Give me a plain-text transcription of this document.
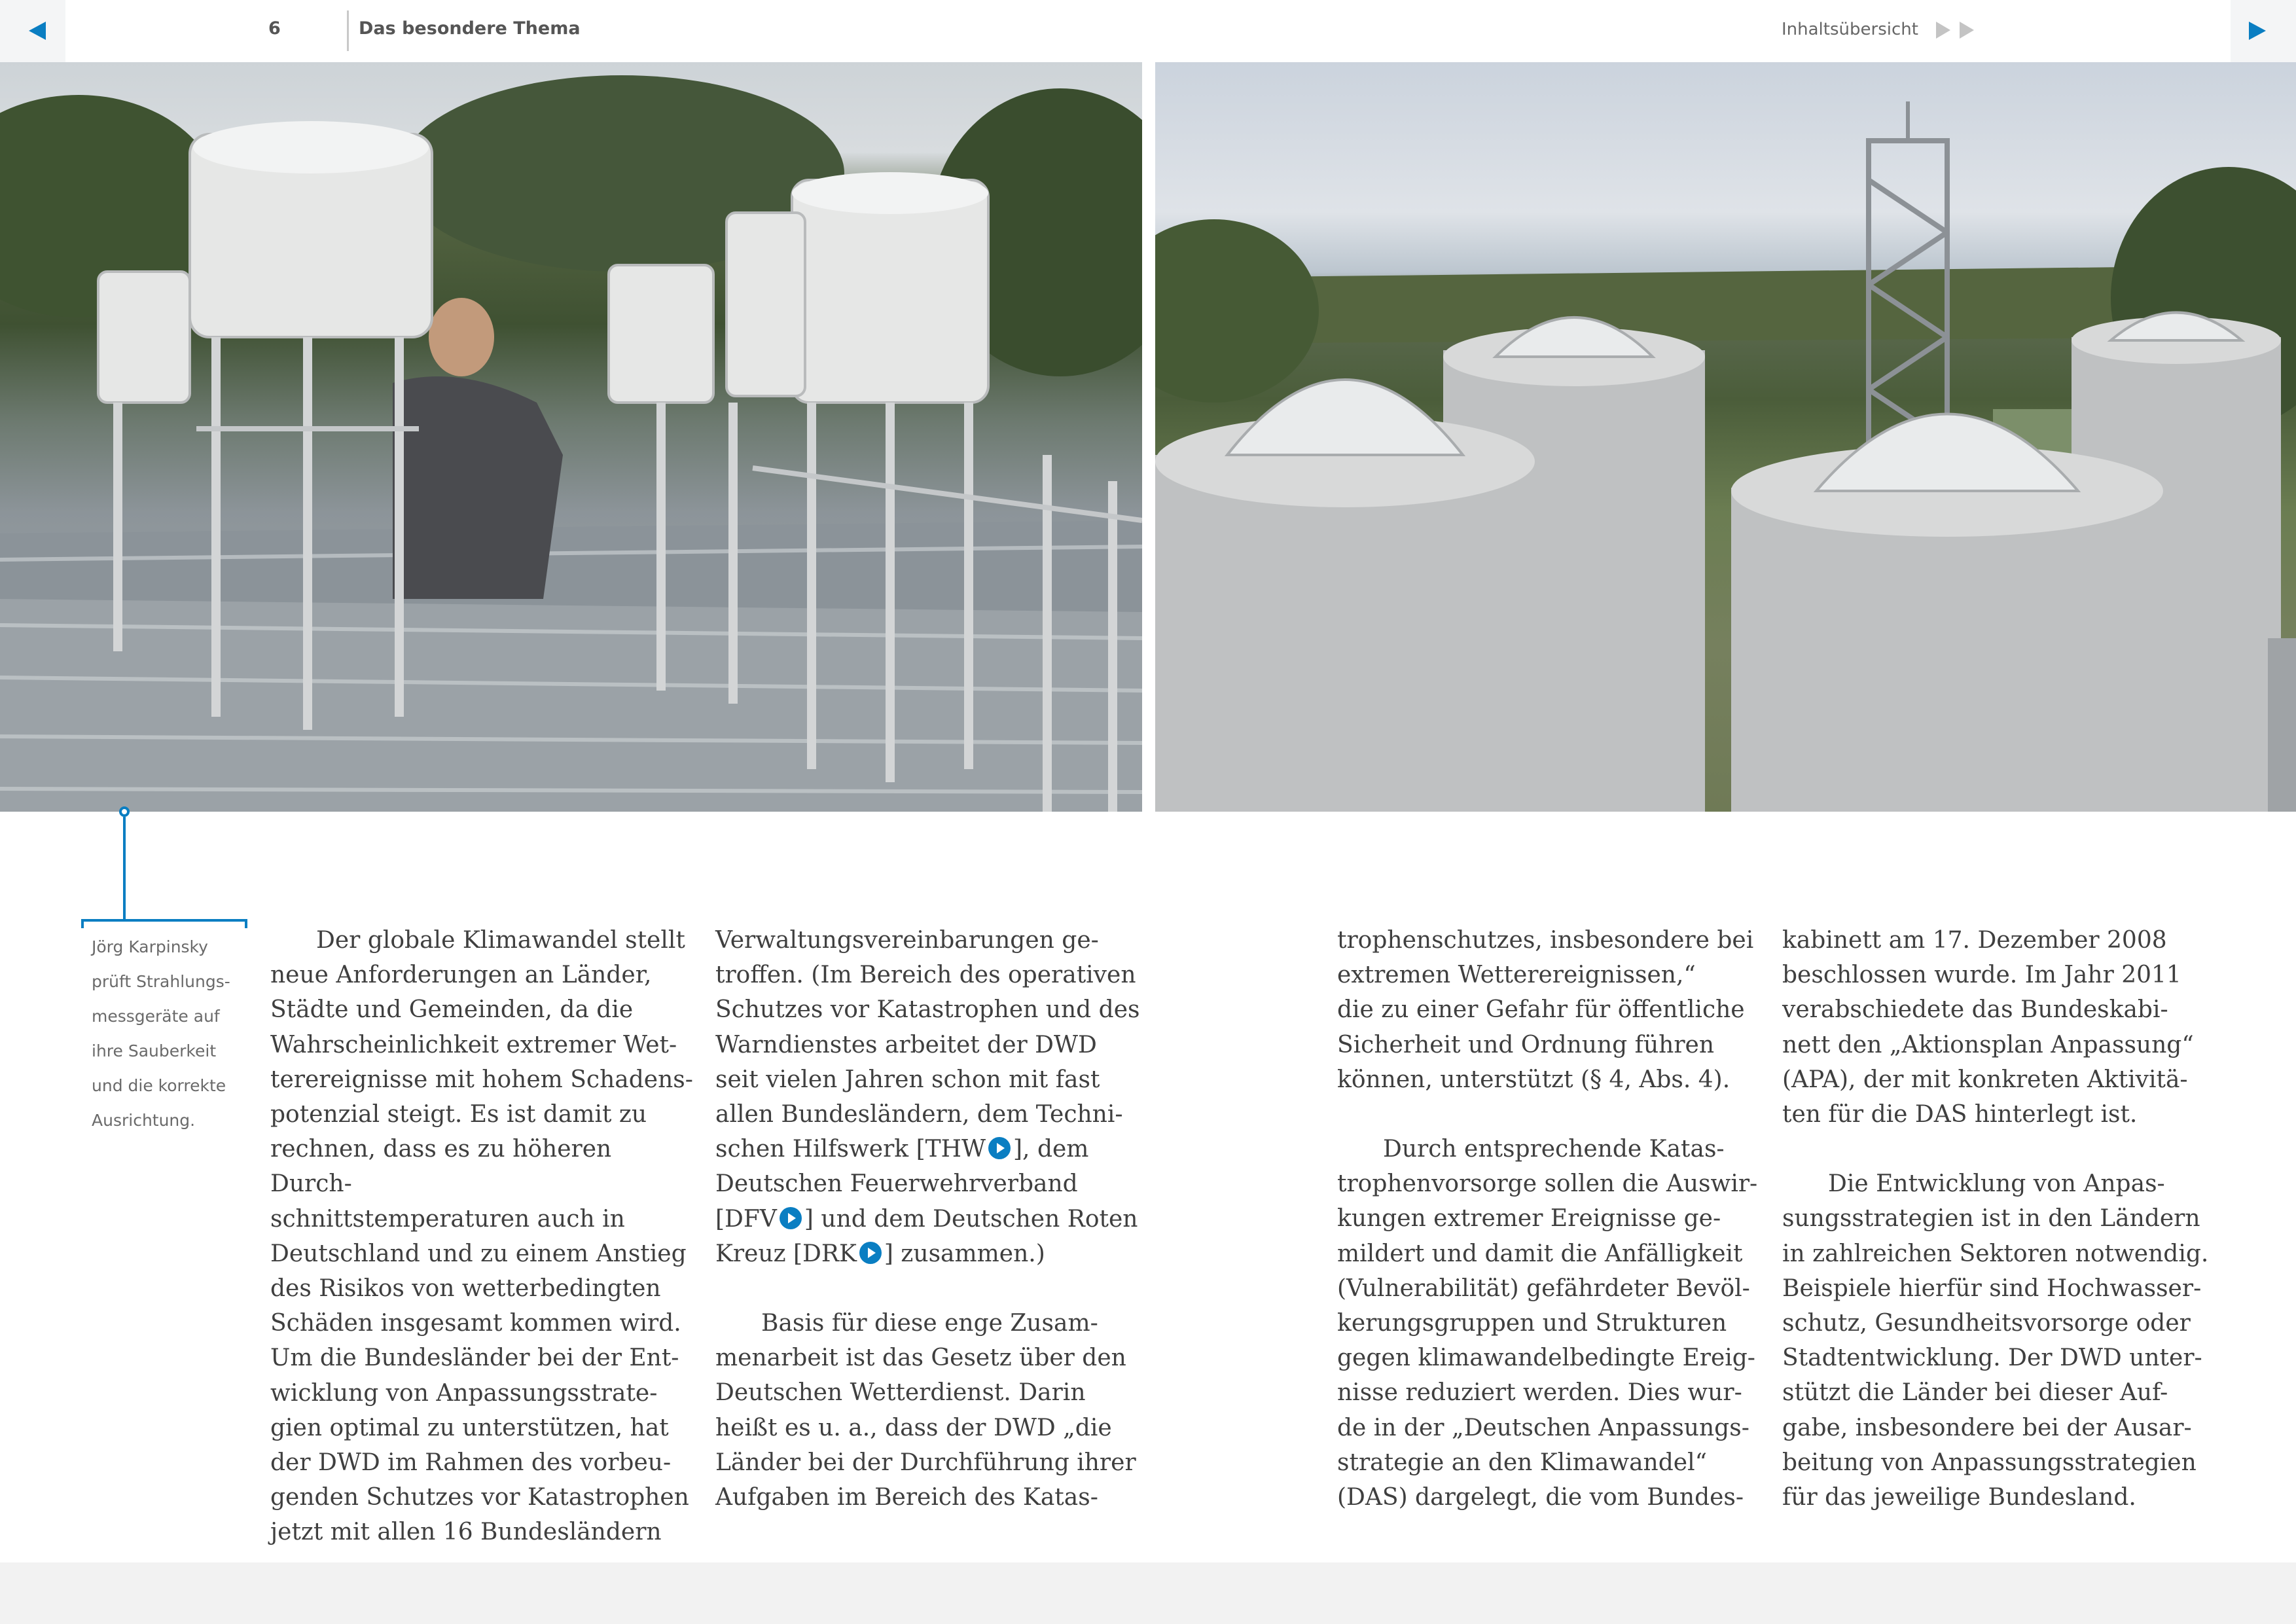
6	Das besondere Thema	Inhaltsübersicht
Jörg Karpinsky
prüft Strahlungs-
messgeräte auf
ihre Sauberkeit
und die korrekte
Ausrichtung.

Der globale Klimawandel stellt

neue Anforderungen an Länder,

Städte und Gemeinden, da die

Wahrscheinlichkeit extremer Wet-

terereignisse mit hohem Schadens-

potenzial steigt. Es ist damit zu

rechnen, dass es zu höheren Durch-

schnittstemperaturen auch in

Deutschland und zu einem Anstieg

des Risikos von wetterbedingten

Schäden insgesamt kommen wird.

Um die Bundesländer bei der Ent-

wicklung von Anpassungsstrate-

gien optimal zu unterstützen, hat

der DWD im Rahmen des vorbeu-

genden Schutzes vor Katastrophen

jetzt mit allen 16 Bundesländern

Verwaltungsvereinbarungen ge-

troffen. (Im Bereich des operativen

Schutzes vor Katastrophen und des

Warndienstes arbeitet der DWD

seit vielen Jahren schon mit fast

allen Bundesländern, dem Techni-

schen Hilfswerk [THW ], dem

Deutschen Feuerwehrverband

[DFV ] und dem Deutschen Roten

Kreuz [DRK ] zusammen.)

Basis für diese enge Zusam-

menarbeit ist das Gesetz über den

Deutschen Wetterdienst. Darin

heißt es u. a., dass der DWD „die

Länder bei der Durchführung ihrer

Aufgaben im Bereich des Katas-

trophenschutzes, insbesondere bei

extremen Wetterereignissen,“

die zu einer Gefahr für öffentliche

Sicherheit und Ordnung führen

können, unterstützt (§ 4, Abs. 4).

Durch entsprechende Katas-

trophenvorsorge sollen die Auswir-

kungen extremer Ereignisse ge-

mildert und damit die Anfälligkeit

(Vulnerabilität) gefährdeter Bevöl-

kerungsgruppen und Strukturen

gegen klimawandelbedingte Ereig-

nisse reduziert werden. Dies wur-

de in der „Deutschen Anpassungs-

strategie an den Klimawandel“

(DAS) dargelegt, die vom Bundes-

kabinett am 17. Dezember 2008

beschlossen wurde. Im Jahr 2011

verabschiedete das Bundeskabi-

nett den „Aktionsplan Anpassung“

(APA), der mit konkreten Aktivitä-

ten für die DAS hinterlegt ist.

Die Entwicklung von Anpas-

sungsstrategien ist in den Ländern

in zahlreichen Sektoren notwendig.

Beispiele hierfür sind Hochwasser-

schutz, Gesundheitsvorsorge oder

Stadtentwicklung. Der DWD unter-

stützt die Länder bei dieser Auf-

gabe, insbesondere bei der Ausar-

beitung von Anpassungsstrategien

für das jeweilige Bundesland.
